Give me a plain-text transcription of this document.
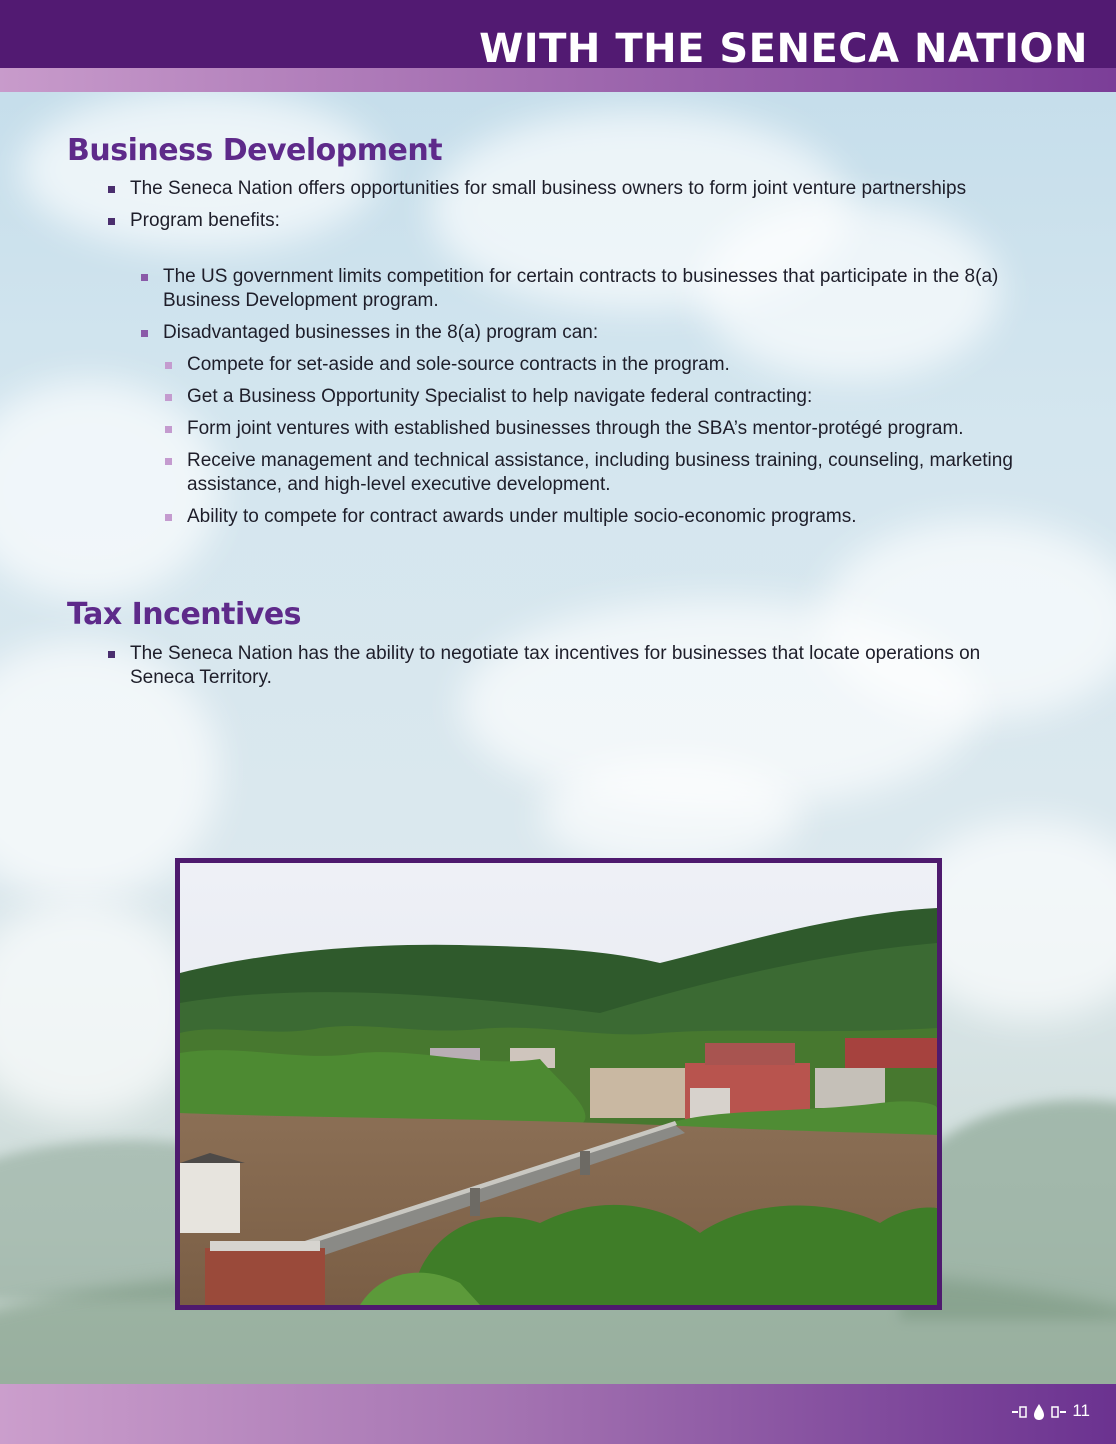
WITH THE SENECA NATION
Business Development
The Seneca Nation offers opportunities for small business owners to form joint venture partnerships
Program benefits:
The US government limits competition for certain contracts to businesses that participate in the 8(a) Business Development program.
Disadvantaged businesses in the 8(a) program can:
Compete for set-aside and sole-source contracts in the program.
Get a Business Opportunity Specialist to help navigate federal contracting:
Form joint ventures with established businesses through the SBA’s mentor-protégé program.
Receive management and technical assistance, including business training, counseling, marketing assistance, and high-level executive development.
Ability to compete for contract awards under multiple socio-economic programs.
Tax Incentives
The Seneca Nation has the ability to negotiate tax incentives for businesses that locate operations on Seneca Territory.
11
